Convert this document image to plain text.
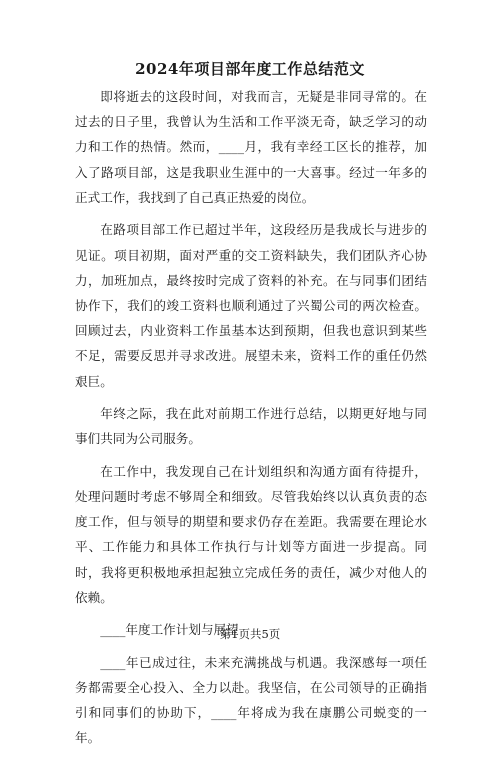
2024年项目部年度工作总结范文

即将逝去的这段时间，对我而言，无疑是非同寻常的。在过去的日子里，我曾认为生活和工作平淡无奇，缺乏学习的动力和工作的热情。然而，____月，我有幸经工区长的推荐，加入了路项目部，这是我职业生涯中的一大喜事。经过一年多的正式工作，我找到了自己真正热爱的岗位。

在路项目部工作已超过半年，这段经历是我成长与进步的见证。项目初期，面对严重的交工资料缺失，我们团队齐心协力，加班加点，最终按时完成了资料的补充。在与同事们团结协作下，我们的竣工资料也顺利通过了兴蜀公司的两次检查。回顾过去，内业资料工作虽基本达到预期，但我也意识到某些不足，需要反思并寻求改进。展望未来，资料工作的重任仍然艰巨。

年终之际，我在此对前期工作进行总结，以期更好地与同事们共同为公司服务。

在工作中，我发现自己在计划组织和沟通方面有待提升，处理问题时考虑不够周全和细致。尽管我始终以认真负责的态度工作，但与领导的期望和要求仍存在差距。我需要在理论水平、工作能力和具体工作执行与计划等方面进一步提高。同时，我将更积极地承担起独立完成任务的责任，减少对他人的依赖。

____年度工作计划与展望

____年已成过往，未来充满挑战与机遇。我深感每一项任务都需要全心投入、全力以赴。我坚信，在公司领导的正确指引和同事们的协助下，____年将成为我在康鹏公司蜕变的一年。

第1页共5页
